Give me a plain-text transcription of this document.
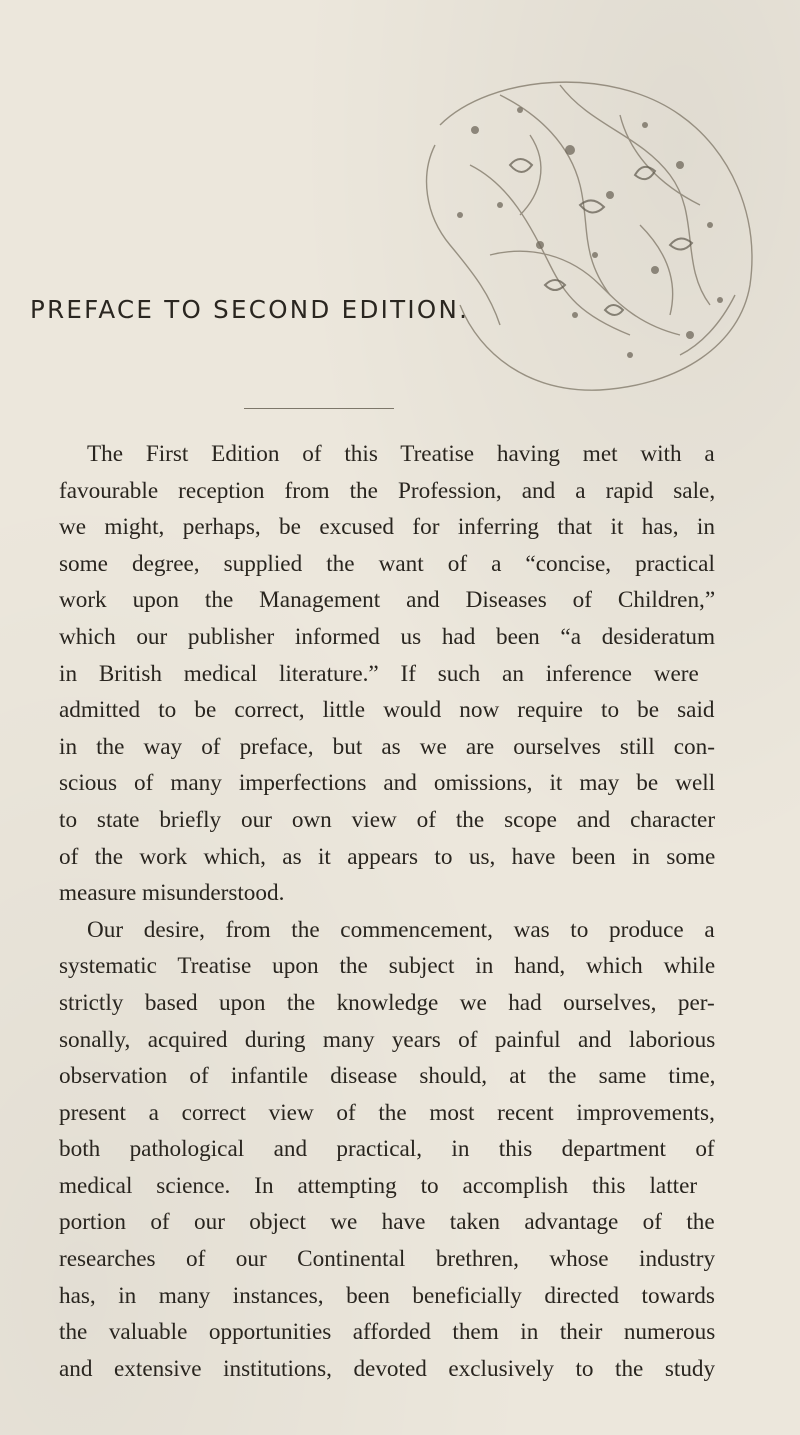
PREFACE TO SECOND EDITION.
The First Edition of this Treatise having met with a
favourable reception from the Profession, and a rapid sale,
we might, perhaps, be excused for inferring that it has, in
some degree, supplied the want of a “concise, practical
work upon the Management and Diseases of Children,”
which our publisher informed us had been “a desideratum
in British medical literature.” If such an inference were
admitted to be correct, little would now require to be said
in the way of preface, but as we are ourselves still con-
scious of many imperfections and omissions, it may be well
to state briefly our own view of the scope and character
of the work which, as it appears to us, have been in some
measure misunderstood.
Our desire, from the commencement, was to produce a
systematic Treatise upon the subject in hand, which while
strictly based upon the knowledge we had ourselves, per-
sonally, acquired during many years of painful and laborious
observation of infantile disease should, at the same time,
present a correct view of the most recent improvements,
both pathological and practical, in this department of
medical science. In attempting to accomplish this latter
portion of our object we have taken advantage of the
researches of our Continental brethren, whose industry
has, in many instances, been beneficially directed towards
the valuable opportunities afforded them in their numerous
and extensive institutions, devoted exclusively to the study
